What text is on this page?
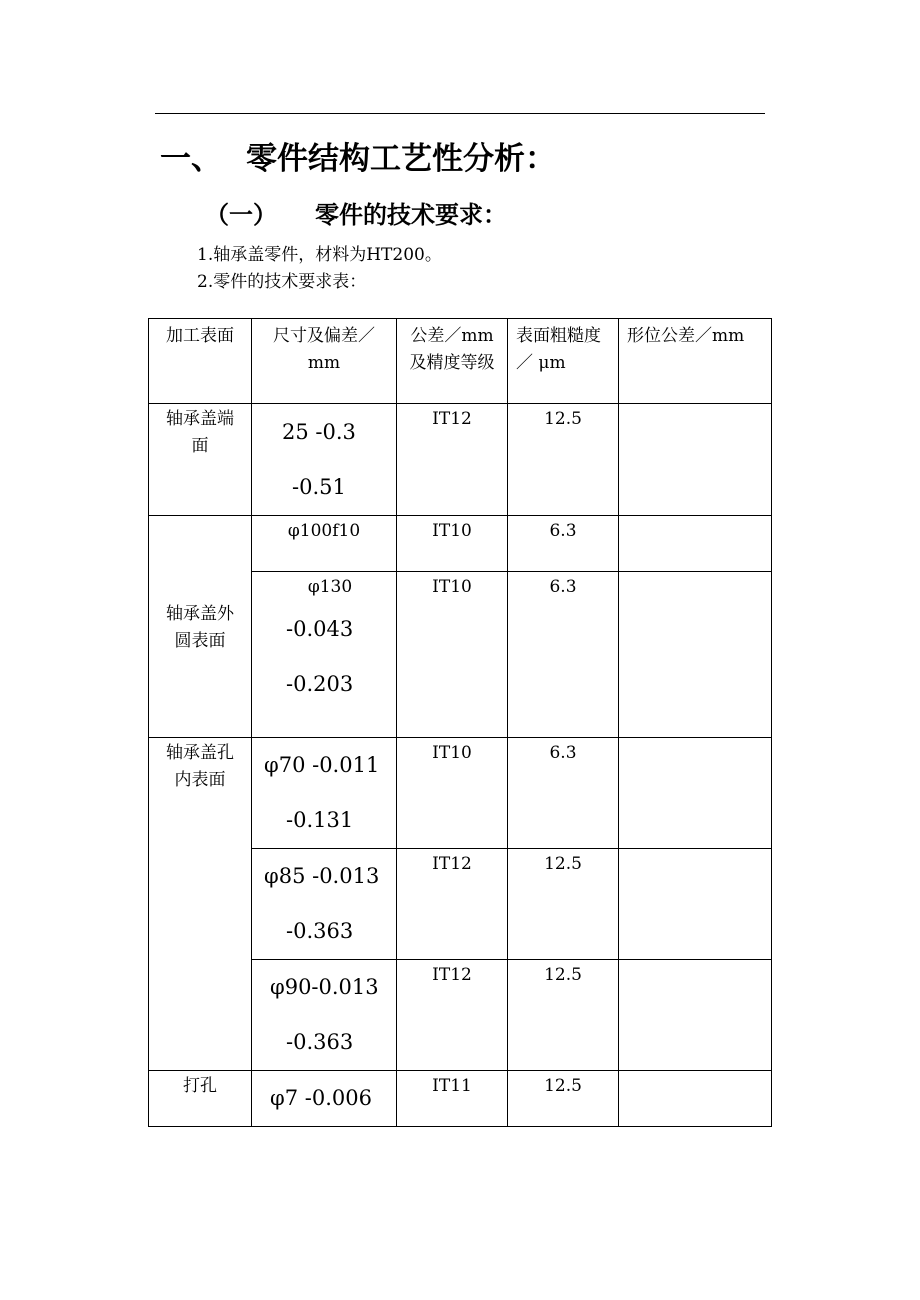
一、 零件结构工艺性分析：
（一） 零件的技术要求：
1.轴承盖零件，材料为HT200。
2.零件的技术要求表：
加工表面	尺寸及偏差／mm	公差／mm及精度等级	表面粗糙度／ μm	形位公差／mm

轴承盖端面	25 -0.3
-0.51	IT12	12.5	

轴承盖外圆表面	φ100f10	IT10	6.3	

	φ130
-0.043
-0.203	IT10	6.3	

轴承盖孔内表面	φ70 -0.011
-0.131	IT10	6.3	

	φ85 -0.013
-0.363	IT12	12.5	

	φ90-0.013
-0.363	IT12	12.5	

打孔	φ7 -0.006	IT11	12.5	
